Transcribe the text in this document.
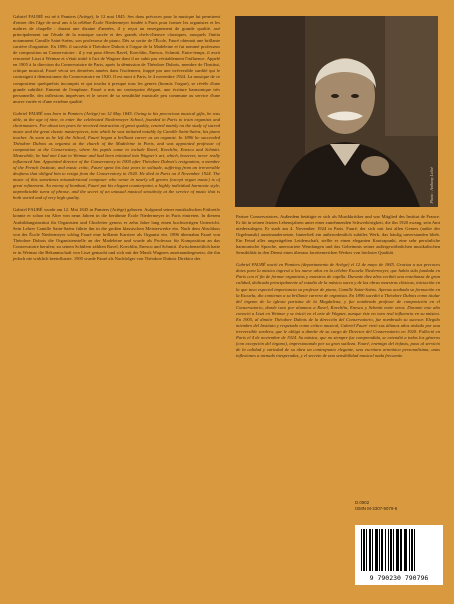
Gabriel FAURÉ est né à Pamiers (Ariège), le 12 mai 1845. Ses dons précoces pour la musique lui permirent d'entrer dès l'âge de neuf ans à la célèbre École Niedermeyer fondée à Paris pour former les organistes et les maîtres de chapelle : durant une dizaine d'années, il y reçut un enseignement de grande qualité, axé principalement sur l'étude de la musique sacrée et des grands chefs-d'œuvre classiques, auxquels l'initia notamment Camille Saint-Saëns, son professeur de piano. Dès sa sortie de l'École, Fauré obtenait une brillante carrière d'organiste. En 1896, il succéda à Théodore Dubois à l'orgue de la Madeleine et fut nommé professeur de composition au Conservatoire : il y eut pour élèves Ravel, Koechlin, Enescu, Schmitt. Entre-temps, il avait rencontré Liszt à Weimar et s'était initié à l'art de Wagner dont il ne subit pas véritablement l'influence. Appelé en 1905 à la direction du Conservatoire de Paris, après la démission de Théodore Dubois, membre de l'Institut, critique musical, Fauré vécut ses dernières années dans l'isolement, frappé par une irréversible surdité qui le contraignit à démissionner du Conservatoire en 1920. Il est mort à Paris, le 4 novembre 1924. La musique de ce compositeur quelquefois incompris et qui toucha à presque tous les genres (hormis l'orgue), se révèle d'une grande subtilité. Ennemi de l'emphase, Fauré a mis un contrepoint élégant, une écriture harmonique très personnelle, des inflexions imprévues et le secret de sa sensibilité musicale peu commune au service d'une œuvre variée et d'une extrême qualité.

Gabriel FAURÉ was born in Pamiers (Ariège) on 12 May 1845. Owing to his precocious musical gifts, he was able, at the age of nine, to enter the celebrated Niedermeyer School, founded in Paris to train organists and choirmasters. For about ten years he received instruction of great quality, centred mainly on the study of sacred music and the great classic masterpieces, into which he was initiated notably by Camille Saint-Saëns, his piano teacher. As soon as he left the School, Fauré began a brilliant career as an organist. In 1896 he succeeded Théodore Dubois as organist at the church of the Madeleine in Paris, and was appointed professor of composition at the Conservatory, where his pupils came to include Ravel, Koechlin, Enescu and Schmitt. Meanwhile, he had met Liszt in Weimar and had been initiated into Wagner's art, which, however, never really influenced him. Appointed director of the Conservatory in 1905 after Théodore Dubois's resignation, a member of the French Institute, and music critic, Fauré spent his last years in solitude, suffering from an irreversible deafness that obliged him to resign from the Conservatory in 1920. He died in Paris on 4 November 1924. The music of this sometimes misunderstood composer who wrote in nearly all genres (except organ music) is of great refinement. An enemy of bombast, Fauré put his elegant counterpoint, a highly individual harmonic style, unpredictable turns of phrase, and the secret of an unusual musical sensitivity at the service of music that is both varied and of very high quality.

Gabriel FAURÉ wurde am 12. Mai 1845 in Pamiers (Ariège) geboren. Aufgrund seiner musikalischen Frühreife konnte er schon im Alter von neun Jahren in die berühmte École Niedermeyer in Paris eintreten. In diesem Ausbildungsinstitut für Organisten und Chorleiter genoss er zehn Jahre lang einen hochwertigen Unterricht. Sein Lehrer Camille Saint-Saëns führte ihn in die großen klassischen Meisterwerke ein. Nach dem Abschluss von der École Niedermeyer schlug Fauré eine brillante Karriere als Organist ein. 1896 übernahm Fauré von Théodore Dubois die Organistenstelle an der Madeleine und wurde als Professor für Komposition an das Conservatoire berufen; zu seinen Schülern zählten Ravel, Koechlin, Enescu und Schmitt. Zwischenzeitlich hatte er in Weimar die Bekanntschaft von Liszt gemacht und sich mit der Musik Wagners auseinandergesetzt, die ihn jedoch nie wirklich beeinflusste. 1905 wurde Fauré als Nachfolger von Théodore Dubois Direktor des

Photo : Anthony Lolité

Pariser Conservatoires. Außerdem betätigte er sich als Musikkritiker und war Mitglied des Institut de France. Er litt in seinen letzten Lebensjahren unter einer zunehmenden Schwerhörigkeit, die ihn 1920 zwang, sein Amt niederzulegen. Er starb am 4. November 1924 in Paris. Fauré, der sich mit fast allen Genres (außer der Orgelmusik) auseinandersetzte, hinterließ ein außerordentlich subtiles Werk, das häufig unverstanden blieb. Ein Feind aller ungezügelten Leidenschaft, stellte er einen eleganten Kontrapunkt, eine sehr persönliche harmonische Sprache, unerwartete Wendungen und das Geheimnis seiner außergewöhnlichen musikalischen Sensibilität in den Dienst eines überaus facettenreichen Werkes von höchster Qualität.

Gabriel FAURÉ nació en Pamiers (departamento de Ariège) el 12 de mayo de 1845. Gracias a sus precoces dotes para la música ingresó a los nueve años en la célebre Escuela Niedermeyer, que había sido fundada en París con el fin de formar organistas y maestros de capilla. Durante diez años recibió una enseñanza de gran calidad, dedicada principalmente al estudio de la música sacra y de las obras maestras clásicas, iniciación en la que tuvo especial importancia su profesor de piano, Camille Saint-Saëns. Apenas acabada su formación en la Escuela, dio comienzo a su brillante carrera de organista. En 1896 sucedió a Théodore Dubois como titular del órgano de la iglesia parisina de la Magdalena, y fue nombrado profesor de composición en el Conservatorio, donde tuvo por alumnos a Ravel, Koechlin, Enescu y Schmitt entre otros. Durante este año conoció a Liszt en Weimar y se inició en el arte de Wagner, aunque éste no tuvo real influencia en su música. En 1905, al dimitir Théodore Dubois de la dirección del Conservatorio, fue nombrado su sucesor. Elegido miembro del Instituto y respetado como crítico musical, Gabriel Fauré vivió sus últimos años aislado por una irreversible sordera, que le obligó a dimitir de su cargo de Director del Conservatorio en 1920. Falleció en París el 4 de noviembre de 1924. Su música, que no siempre fue comprendida, se extendió a todos los géneros (con excepción del órgano), impresionando por su gran sutileza. Fauré, enemigo del énfasis, puso al servicio de la calidad y variedad de su obra un contrapunto elegante, una escritura armónica personalísima, unas inflexiones a menudo inesperadas, y el secreto de una sensibilidad musical nada frecuente.

D.0902
ISMN M-2307-9079-6
9 790230 790796
